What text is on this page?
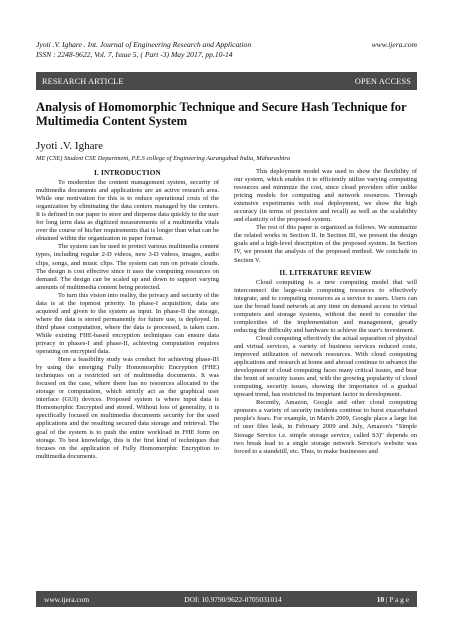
Jyoti .V. Ighare . Int. Journal of Engineering Research and Application	www.ijera.com
ISSN : 2248-9622, Vol. 7, Issue 5, ( Part -3) May 2017, pp.10-14
RESEARCH ARTICLE	OPEN ACCESS
Analysis of Homomorphic Technique and Secure Hash Technique for Multimedia Content System
Jyoti .V. Ighare
ME (CSE) Student CSE Department, P.E.S college of Engineering Aurangabad India, Maharashtra
I. INTRODUCTION

To modernize the content management system, security of multimedia documents and applications are an active research area. While one motivation for this is to reduce operational costs of the organization by eliminating the data centers managed by the centers. It is defined in our paper to store and dispense data quickly to the user for long term data as digitized measurements of a multimedia vitals over the course of his/her requirements that is longer than what can be obtained within the organization in paper format.

The system can be used to protect various multimedia content types, including regular 2-D videos, new 3-D videos, images, audio clips, songs, and music clips. The system can run on private clouds. The design is cost effective since it uses the computing resources on demand. The design can be scaled up and down to support varying amounts of multimedia content being protected.

To turn this vision into reality, the privacy and security of the data is at the topmost priority. In phase-I acquisition, data are acquired and given to the system as input. In phase-II the storage, where the data is stored permanently for future use, is deployed. In third phase computation, where the data is processed, is taken care. While existing FHE-based encryption techniques can ensure data privacy in phases-I and phase-II, achieving computation requires operating on encrypted data.

Here a feasibility study was conduct for achieving phase-III by using the emerging Fully Homomorphic Encryption (FHE) techniques on a restricted set of multimedia documents. It was focused on the case, where there has no resources allocated to the storage or computation, which strictly act as the graphical user interface (GUI) devices. Proposed system is where input data is Homomorphic Encrypted and stored. Without loss of generality, it is specifically focused on multimedia documents security for the used applications and the resulting secured data storage and retrieval. The goal of the system is to push the entire workload in FHE form on storage. To best knowledge, this is the first kind of techniques that focuses on the application of Fully Homomorphic Encryption to multimedia documents.

This deployment model was used to show the flexibility of our system, which enables it to efficiently utilize varying computing resources and minimize the cost, since cloud providers offer unlike pricing models for computing and network resources. Through extensive experiments with real deployment, we show the high accuracy (in terms of precision and recall) as well as the scalability and elasticity of the proposed system.

The rest of this paper is organized as follows. We summarize the related works in Section II. In Section III, we present the design goals and a high-level description of the proposed system. In Section IV, we present the analysis of the proposed method. We conclude in Section V.

II. LITERATURE REVIEW

Cloud computing is a new computing model that will interconnect the large-scale computing resources to effectively integrate, and to computing resources as a service to users. Users can use the broad band network at any time on demand access to virtual computers and storage systems, without the need to consider the complexities of the implementation and management, greatly reducing the difficulty and hardware to achieve the user's investment.

Cloud computing effectively the actual separation of physical and virtual services, a variety of business services reduced costs, improved utilization of network resources. With cloud computing applications and research at home and abroad continue to advance the development of cloud computing faces many critical issues, and bear the brunt of security issues and, with the growing popularity of cloud computing, security issues, showing the importance of a gradual upward trend, has restricted its important factor in development.

Recently, Amazon, Google and other cloud computing sponsors a variety of security incidents continue to burst exacerbated people's fears. For example, in March 2009, Google place a large list of user files leak, in February 2009 and July, Amazon's "Simple Storage Service i.e. simple storage service, called S3)" depends on two break lead to a single storage network Service's website was forced to a standstill, etc. Thus, to make businesses and

www.ijera.com	DOI: 10.9790/9622-0705031014	10 | P a g e
